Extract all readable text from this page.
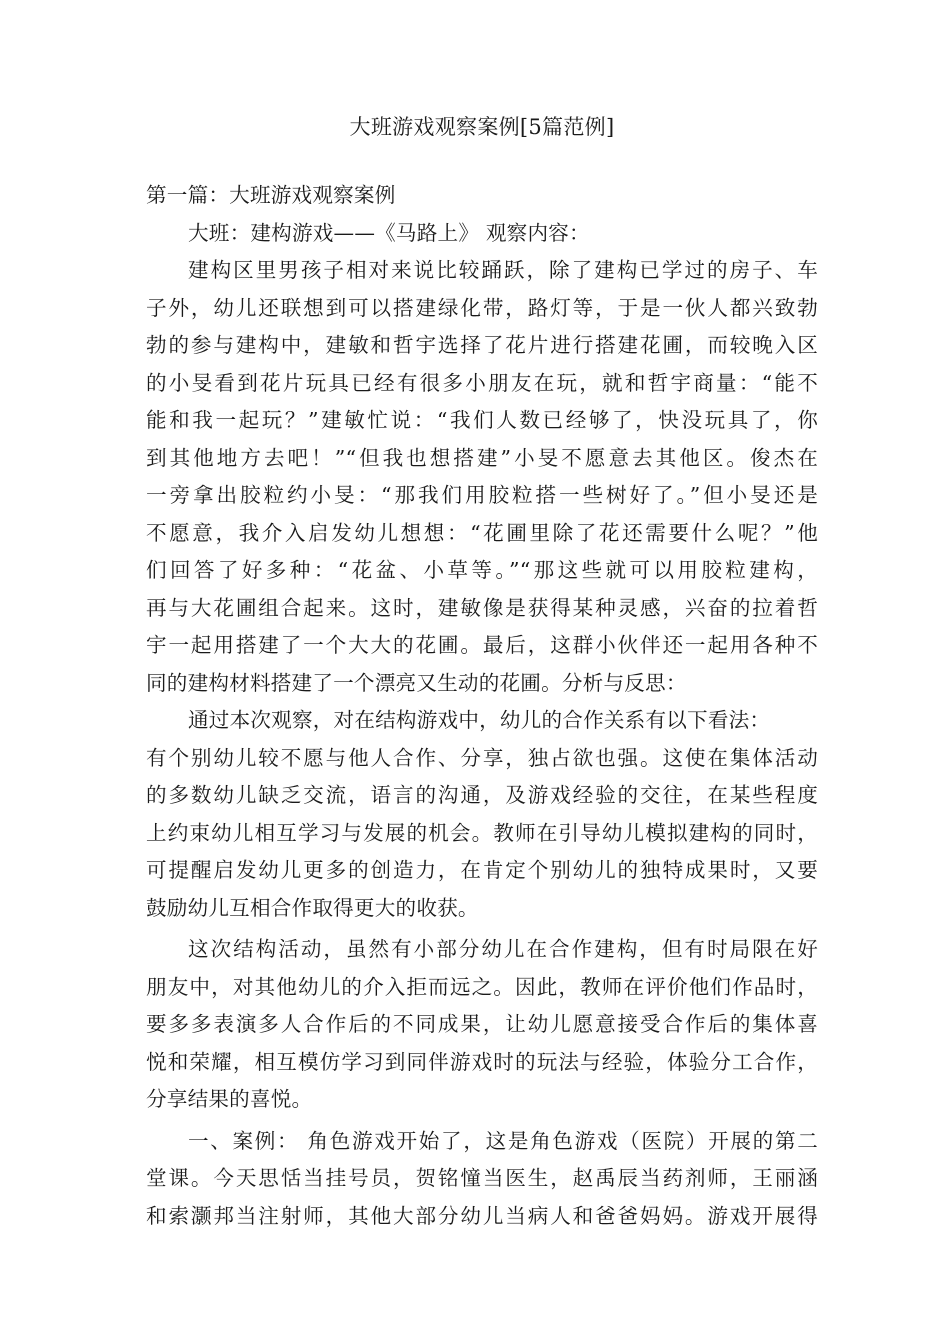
大班游戏观察案例[5篇范例]
第一篇：大班游戏观察案例
大班：建构游戏——《马路上》 观察内容：
建构区里男孩子相对来说比较踊跃，除了建构已学过的房子、车
子外，幼儿还联想到可以搭建绿化带，路灯等，于是一伙人都兴致勃
勃的参与建构中，建敏和哲宇选择了花片进行搭建花圃，而较晚入区
的小旻看到花片玩具已经有很多小朋友在玩，就和哲宇商量：“能不
能和我一起玩？”建敏忙说：“我们人数已经够了，快没玩具了，你
到其他地方去吧！”“但我也想搭建”小旻不愿意去其他区。俊杰在
一旁拿出胶粒约小旻：“那我们用胶粒搭一些树好了。”但小旻还是
不愿意，我介入启发幼儿想想：“花圃里除了花还需要什么呢？”他
们回答了好多种：“花盆、小草等。”“那这些就可以用胶粒建构，
再与大花圃组合起来。这时，建敏像是获得某种灵感，兴奋的拉着哲
宇一起用搭建了一个大大的花圃。最后，这群小伙伴还一起用各种不
同的建构材料搭建了一个漂亮又生动的花圃。分析与反思：
通过本次观察，对在结构游戏中，幼儿的合作关系有以下看法：
有个别幼儿较不愿与他人合作、分享，独占欲也强。这使在集体活动
的多数幼儿缺乏交流，语言的沟通，及游戏经验的交往，在某些程度
上约束幼儿相互学习与发展的机会。教师在引导幼儿模拟建构的同时，
可提醒启发幼儿更多的创造力，在肯定个别幼儿的独特成果时，又要
鼓励幼儿互相合作取得更大的收获。
这次结构活动，虽然有小部分幼儿在合作建构，但有时局限在好
朋友中，对其他幼儿的介入拒而远之。因此，教师在评价他们作品时，
要多多表演多人合作后的不同成果，让幼儿愿意接受合作后的集体喜
悦和荣耀，相互模仿学习到同伴游戏时的玩法与经验，体验分工合作，
分享结果的喜悦。
一、案例： 角色游戏开始了，这是角色游戏（医院）开展的第二
堂课。今天思恬当挂号员，贺铭憧当医生，赵禹辰当药剂师，王丽涵
和索灏邦当注射师，其他大部分幼儿当病人和爸爸妈妈。游戏开展得
